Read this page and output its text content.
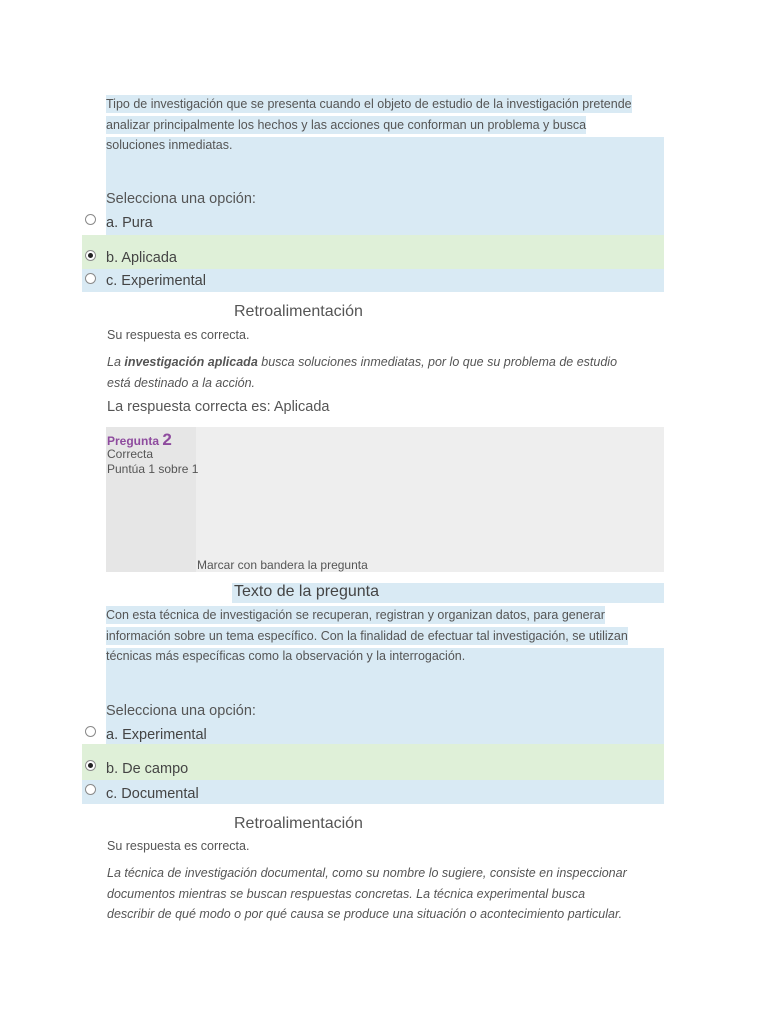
Tipo de investigación que se presenta cuando el objeto de estudio de la investigación pretende
analizar principalmente los hechos y las acciones que conforman un problema y busca
soluciones inmediatas.
Selecciona una opción:
a. Pura
b. Aplicada
c. Experimental
Retroalimentación
Su respuesta es correcta.
La investigación aplicada busca soluciones inmediatas, por lo que su problema de estudio
está destinado a la acción.
La respuesta correcta es: Aplicada
Pregunta 2
Correcta
Puntúa 1 sobre 1
Marcar con bandera la pregunta
Texto de la pregunta
Con esta técnica de investigación se recuperan, registran y organizan datos, para generar
información sobre un tema específico. Con la finalidad de efectuar tal investigación, se utilizan
técnicas más específicas como la observación y la interrogación.
Selecciona una opción:
a. Experimental
b. De campo
c. Documental
Retroalimentación
Su respuesta es correcta.
La técnica de investigación documental, como su nombre lo sugiere, consiste en inspeccionar
documentos mientras se buscan respuestas concretas. La técnica experimental busca
describir de qué modo o por qué causa se produce una situación o acontecimiento particular.
